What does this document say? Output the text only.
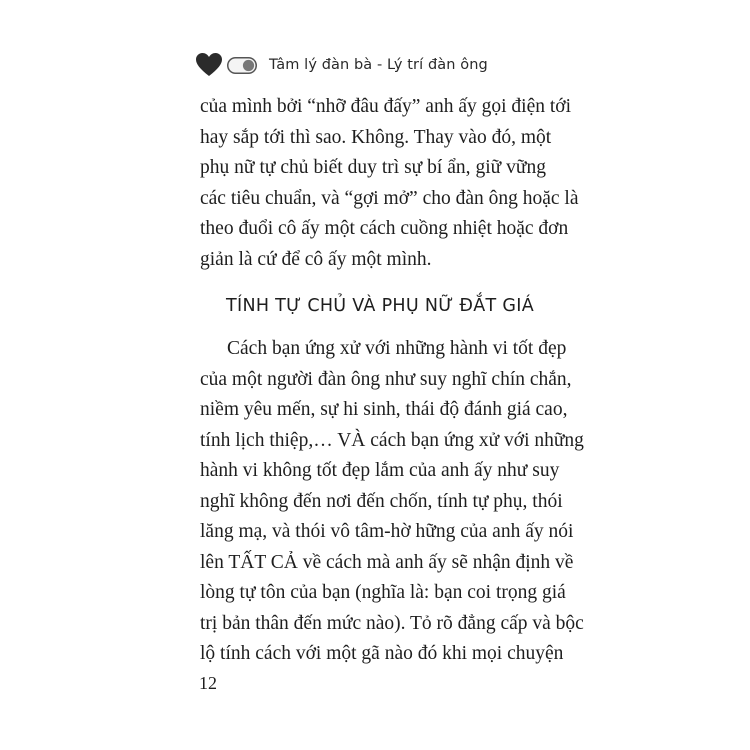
Tâm lý đàn bà - Lý trí đàn ông
của mình bởi “nhỡ đâu đấy” anh ấy gọi điện tới
hay sắp tới thì sao. Không. Thay vào đó, một
phụ nữ tự chủ biết duy trì sự bí ẩn, giữ vững
các tiêu chuẩn, và “gợi mở” cho đàn ông hoặc là
theo đuổi cô ấy một cách cuồng nhiệt hoặc đơn
giản là cứ để cô ấy một mình.
TÍNH TỰ CHỦ VÀ PHỤ NỮ ĐẮT GIÁ
Cách bạn ứng xử với những hành vi tốt đẹp
của một người đàn ông như suy nghĩ chín chắn,
niềm yêu mến, sự hi sinh, thái độ đánh giá cao,
tính lịch thiệp,… VÀ cách bạn ứng xử với những
hành vi không tốt đẹp lắm của anh ấy như suy
nghĩ không đến nơi đến chốn, tính tự phụ, thói
lăng mạ, và thói vô tâm-hờ hững của anh ấy nói
lên TẤT CẢ về cách mà anh ấy sẽ nhận định về
lòng tự tôn của bạn (nghĩa là: bạn coi trọng giá
trị bản thân đến mức nào). Tỏ rõ đẳng cấp và bộc
lộ tính cách với một gã nào đó khi mọi chuyện
12
